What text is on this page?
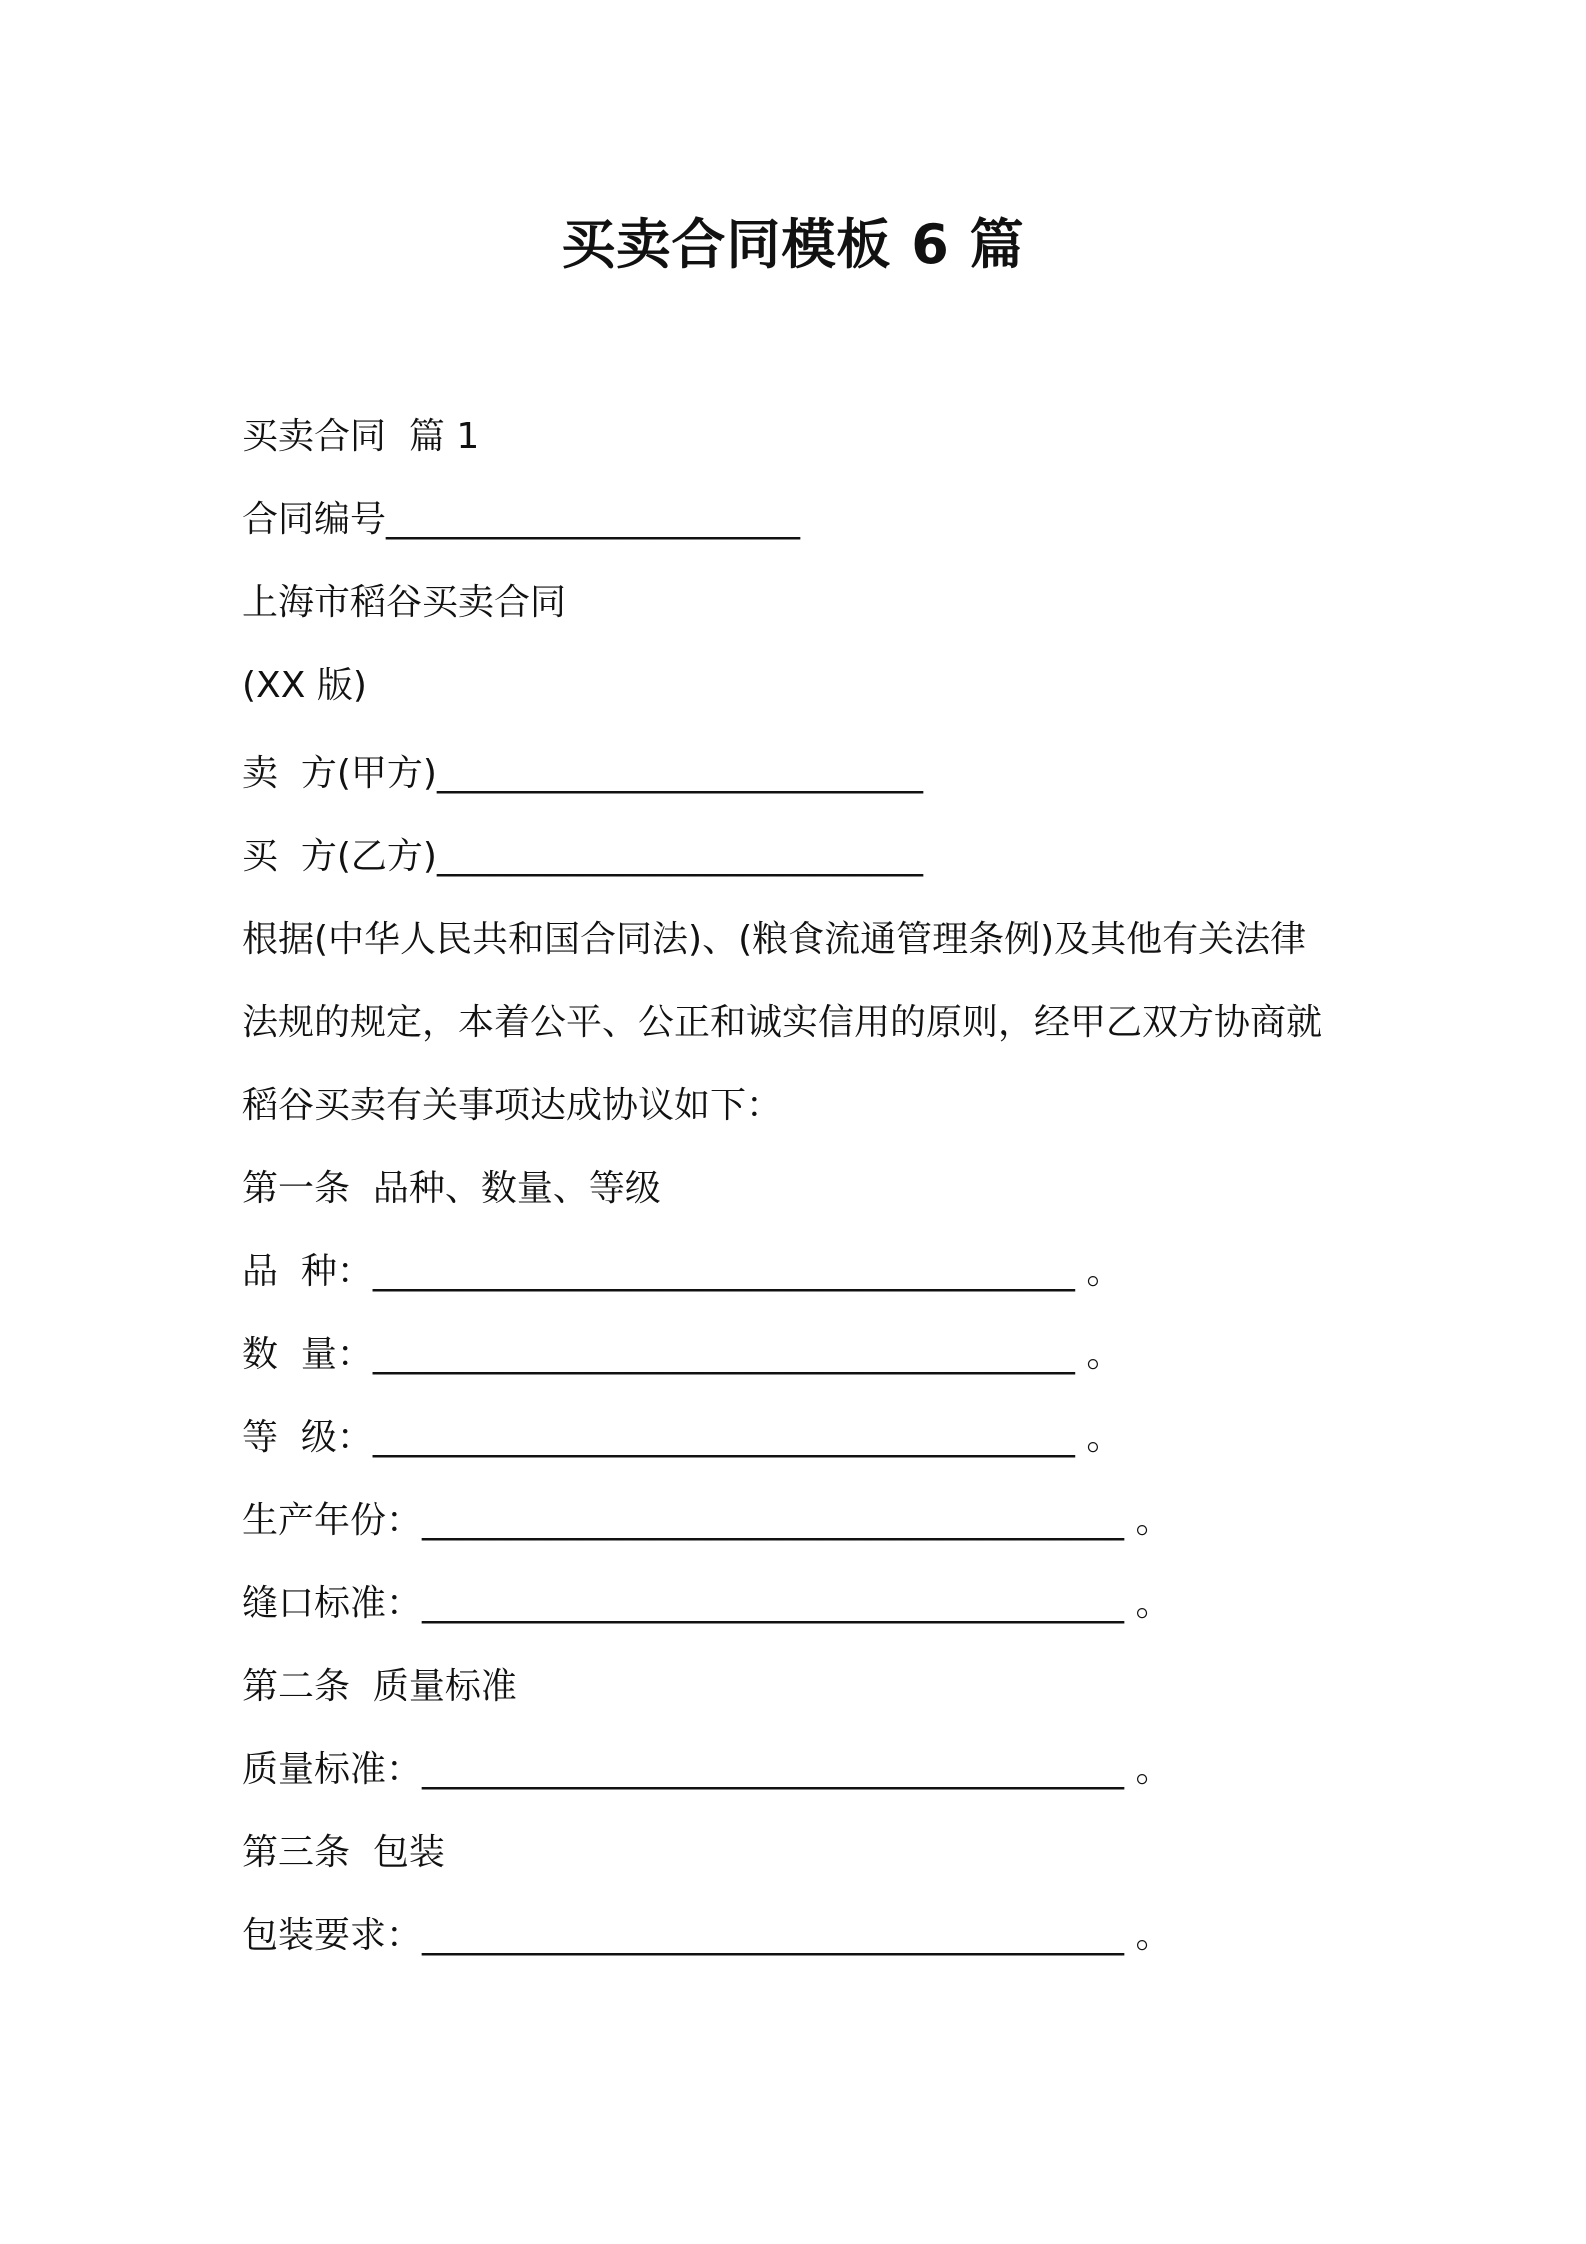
买卖合同模板 6 篇
买卖合同  篇 1
合同编号_______________________
上海市稻谷买卖合同
(XX 版)
卖  方(甲方)___________________________
买  方(乙方)___________________________
根据(中华人民共和国合同法)、(粮食流通管理条例)及其他有关法律
法规的规定，本着公平、公正和诚实信用的原则，经甲乙双方协商就
稻谷买卖有关事项达成协议如下：
第一条  品种、数量、等级
品  种：_______________________________________ 。
数  量：_______________________________________ 。
等  级：_______________________________________ 。
生产年份：_______________________________________ 。
缝口标准：_______________________________________ 。
第二条  质量标准
质量标准：_______________________________________ 。
第三条  包装
包装要求：_______________________________________ 。
